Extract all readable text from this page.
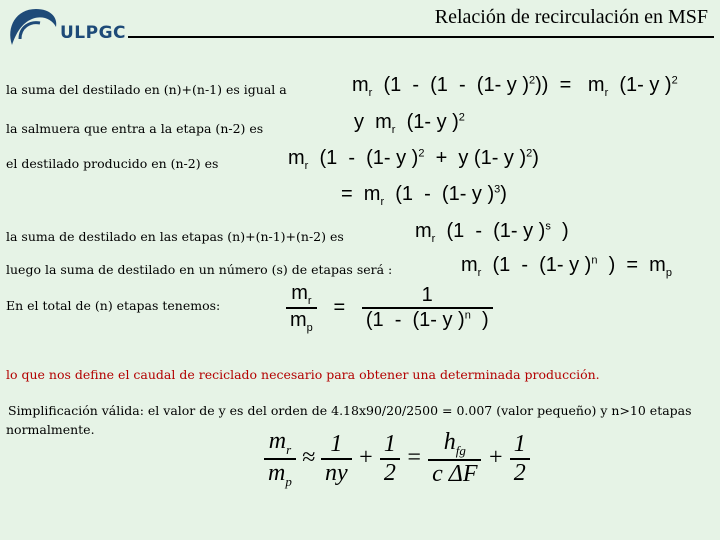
ULPGC
Relación de recirculación en MSF
la suma del destilado en (n)+(n‑1) es igual a
la salmuera que entra a la etapa (n‑2) es
el destilado producido en (n‑2) es
la suma de destilado en las etapas (n)+(n‑1)+(n‑2) es
luego la suma de destilado en un número (s) de etapas será :
En el total de (n) etapas tenemos:
lo que nos define el caudal de reciclado necesario para obtener una determinada producción.
Simplificación válida: el valor de y es del orden de 4.18x90/20/2500 = 0.007 (valor pequeño) y n>10 etapas
normalmente.
$m_r$  (1  -  (1  -  (1- y )$^2)) = m_r$  (1- y )$^2$
y  $m_r$  (1- y )$^2$
$m_r$  (1  -  (1- y )$^2$  +  y (1- y )$^2$)
=  $m_r$  (1  -  (1- y )$^3$)
$m_r$  (1  -  (1- y )$^s$  )
$m_r$  (1  -  (1- y )$^n$  )  =  $m_p$
$\frac{m_r}{m_p} = \frac{1}{(1 - (1- y )^n )}$
$\frac{m_r}{m_p} \approx \frac{1}{ny} + \frac{1}{2} = \frac{h_{fg}}{\text{c ΔF}} + \frac{1}{2}$
